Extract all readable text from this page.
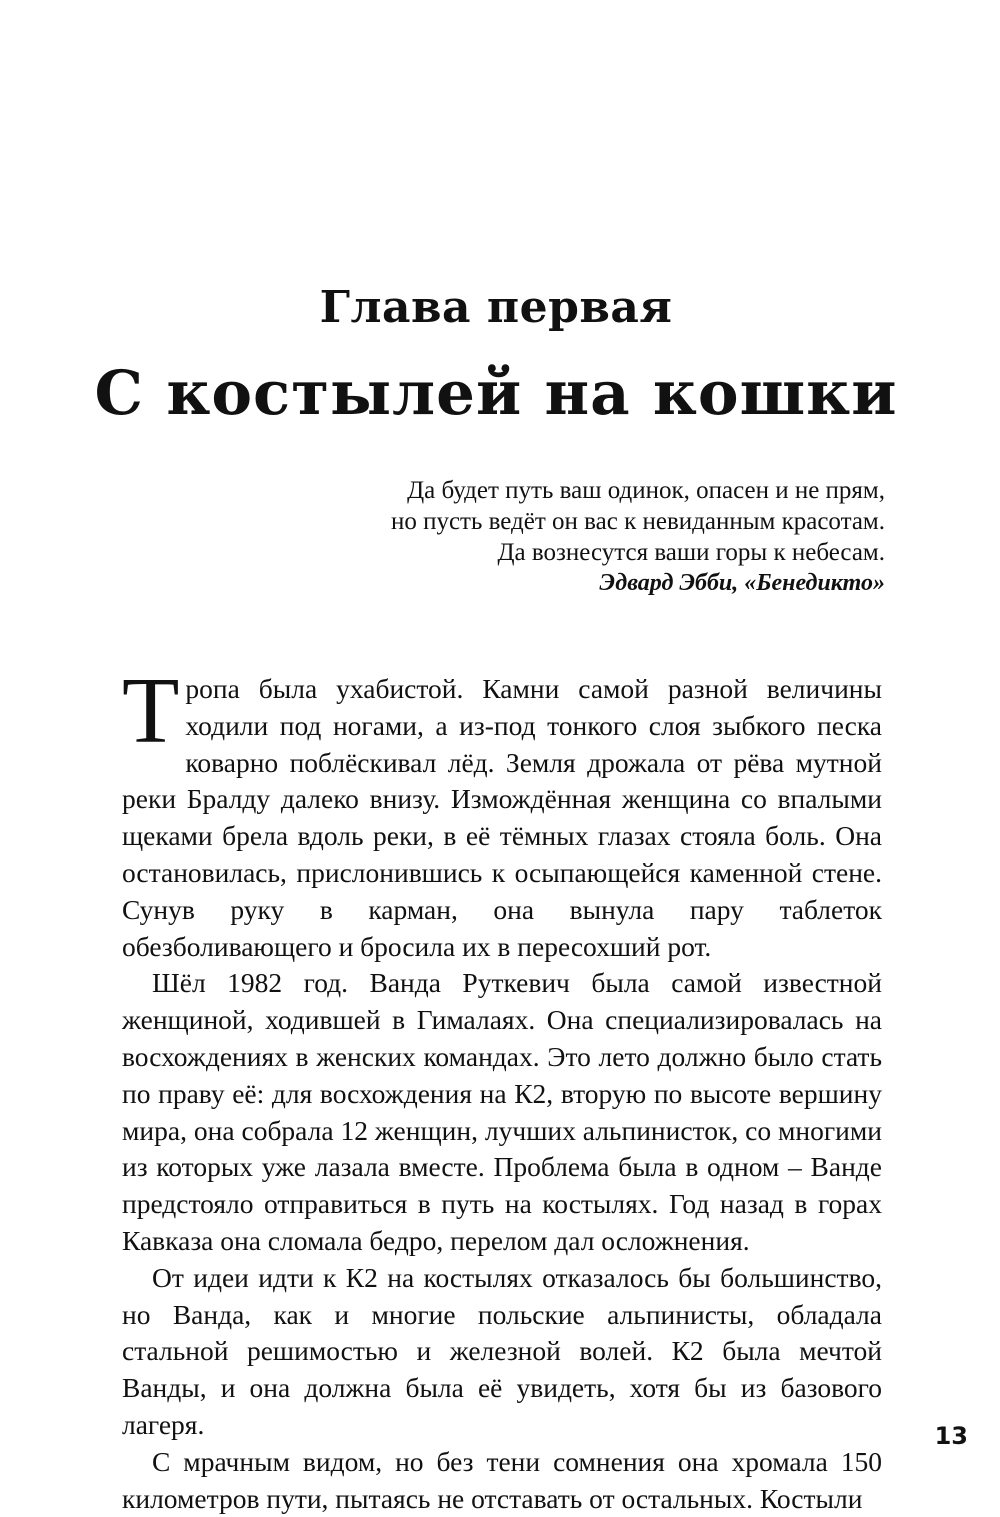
Глава первая
С костылей на кошки
Да будет путь ваш одинок, опасен и не прям,
но пусть ведёт он вас к невиданным красотам.
Да вознесутся ваши горы к небесам.
Эдвард Эбби, «Бенедикто»

Тропа была ухабистой. Камни самой разной величины ходили под ногами, а из-под тонкого слоя зыбкого песка коварно поблёскивал лёд. Земля дрожала от рёва мутной реки Бралду далеко внизу. Измождённая женщина со впалыми щеками брела вдоль реки, в её тёмных глазах стояла боль. Она остановилась, прислонившись к осыпающейся каменной стене. Сунув руку в карман, она вынула пару таблеток обезболивающего и бросила их в пересохший рот.

Шёл 1982 год. Ванда Руткевич была самой известной женщиной, ходившей в Гималаях. Она специализировалась на восхождениях в женских командах. Это лето должно было стать по праву её: для восхождения на К2, вторую по высоте вершину мира, она собрала 12 женщин, лучших альпинисток, со многими из которых уже лазала вместе. Проблема была в одном – Ванде предстояло отправиться в путь на костылях. Год назад в горах Кавказа она сломала бедро, перелом дал осложнения.

От идеи идти к К2 на костылях отказалось бы большинство, но Ванда, как и многие польские альпинисты, обладала стальной решимостью и железной волей. К2 была мечтой Ванды, и она должна была её увидеть, хотя бы из базового лагеря.

С мрачным видом, но без тени сомнения она хромала 150 километров пути, пытаясь не отставать от остальных. Костыли

13
